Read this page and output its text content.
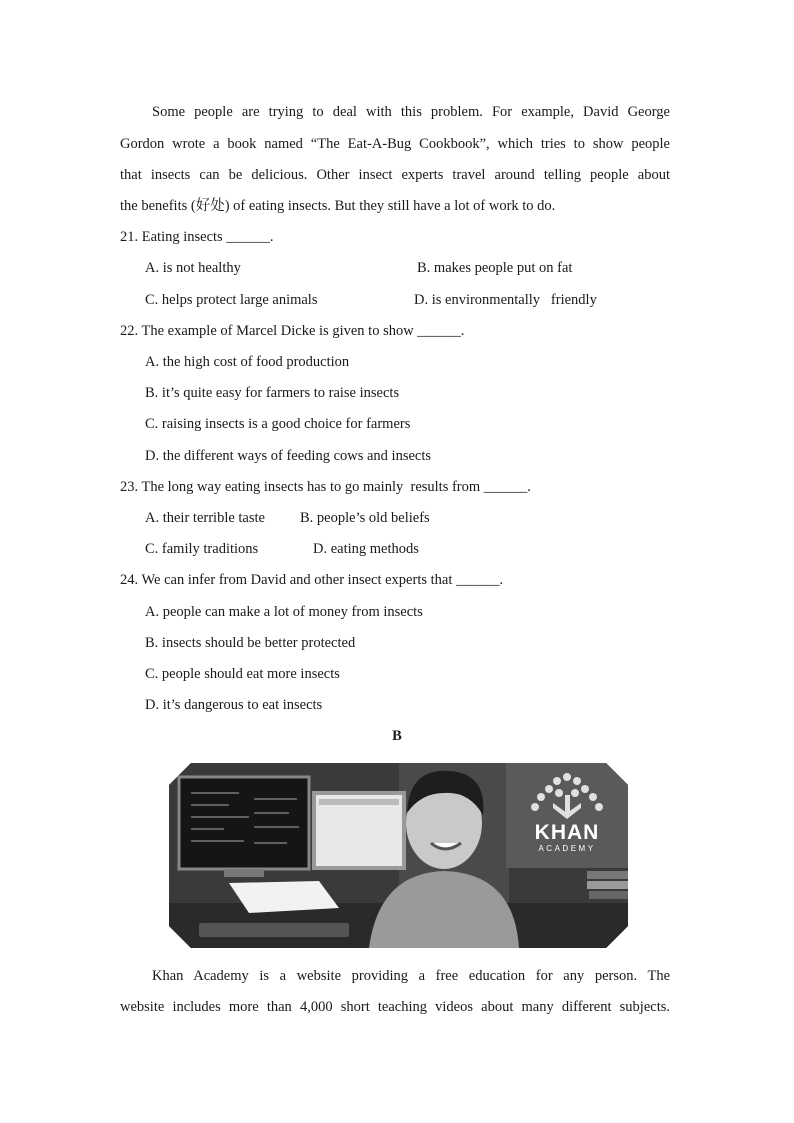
Some people are trying to deal with this problem. For example, David George
Gordon wrote a book named “The Eat-A-Bug Cookbook”, which tries to show people
that insects can be delicious. Other insect experts travel around telling people about
the benefits (好处) of eating insects. But they still have a lot of work to do.
21. Eating insects ______.
A. is not healthy	B. makes people put on fat
C. helps protect large animals	D. is environmentally   friendly
22. The example of Marcel Dicke is given to show ______.
A. the high cost of food production
B. it’s quite easy for farmers to raise insects
C. raising insects is a good choice for farmers
D. the different ways of feeding cows and insects
23. The long way eating insects has to go mainly  results from ______.
A. their terrible taste B. people’s old beliefs
C. family traditions	D. eating methods
24. We can infer from David and other insect experts that ______.
A. people can make a lot of money from insects
B. insects should be better protected
C. people should eat more insects
D. it’s dangerous to eat insects
B
KHAN
ACADEMY
Khan Academy is a website providing a free education for any person. The
website includes more than 4,000 short teaching videos about many different subjects.
